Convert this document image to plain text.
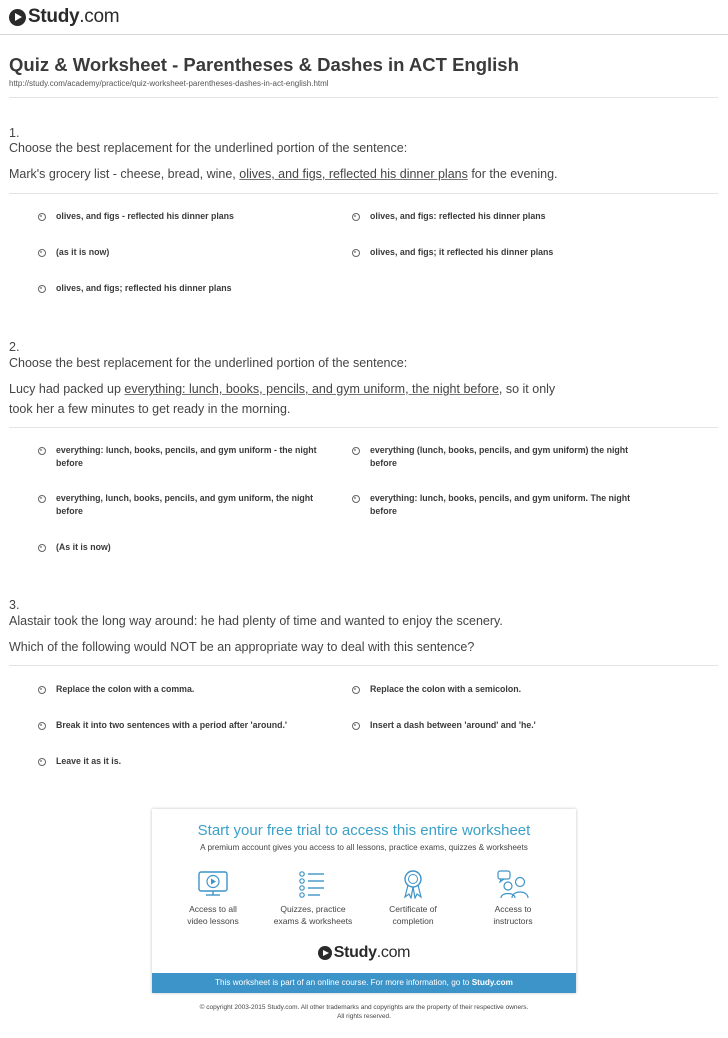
Study.com
Quiz & Worksheet - Parentheses & Dashes in ACT English
http://study.com/academy/practice/quiz-worksheet-parentheses-dashes-in-act-english.html
1.
Choose the best replacement for the underlined portion of the sentence:
Mark's grocery list - cheese, bread, wine, olives, and figs, reflected his dinner plans for the evening.
olives, and figs - reflected his dinner plans	olives, and figs: reflected his dinner plans
(as it is now)	olives, and figs; it reflected his dinner plans
olives, and figs; reflected his dinner plans
2.
Choose the best replacement for the underlined portion of the sentence:
Lucy had packed up everything: lunch, books, pencils, and gym uniform, the night before, so it only
took her a few minutes to get ready in the morning.
everything: lunch, books, pencils, and gym uniform - the night
before
everything (lunch, books, pencils, and gym uniform) the night
before
everything, lunch, books, pencils, and gym uniform, the night
before
everything: lunch, books, pencils, and gym uniform. The night
before
(As it is now)
3.
Alastair took the long way around: he had plenty of time and wanted to enjoy the scenery.
Which of the following would NOT be an appropriate way to deal with this sentence?
Replace the colon with a comma.	Replace the colon with a semicolon.
Break it into two sentences with a period after 'around.'	Insert a dash between 'around' and 'he.'
Leave it as it is.
Start your free trial to access this entire worksheet
A premium account gives you access to all lessons, practice exams, quizzes & worksheets
Access to all
video lessons
Quizzes, practice
exams & worksheets
Certificate of
completion
Access to
instructors
Study.com
This worksheet is part of an online course. For more information, go to Study.com
© copyright 2003-2015 Study.com. All other trademarks and copyrights are the property of their respective owners.
All rights reserved.
